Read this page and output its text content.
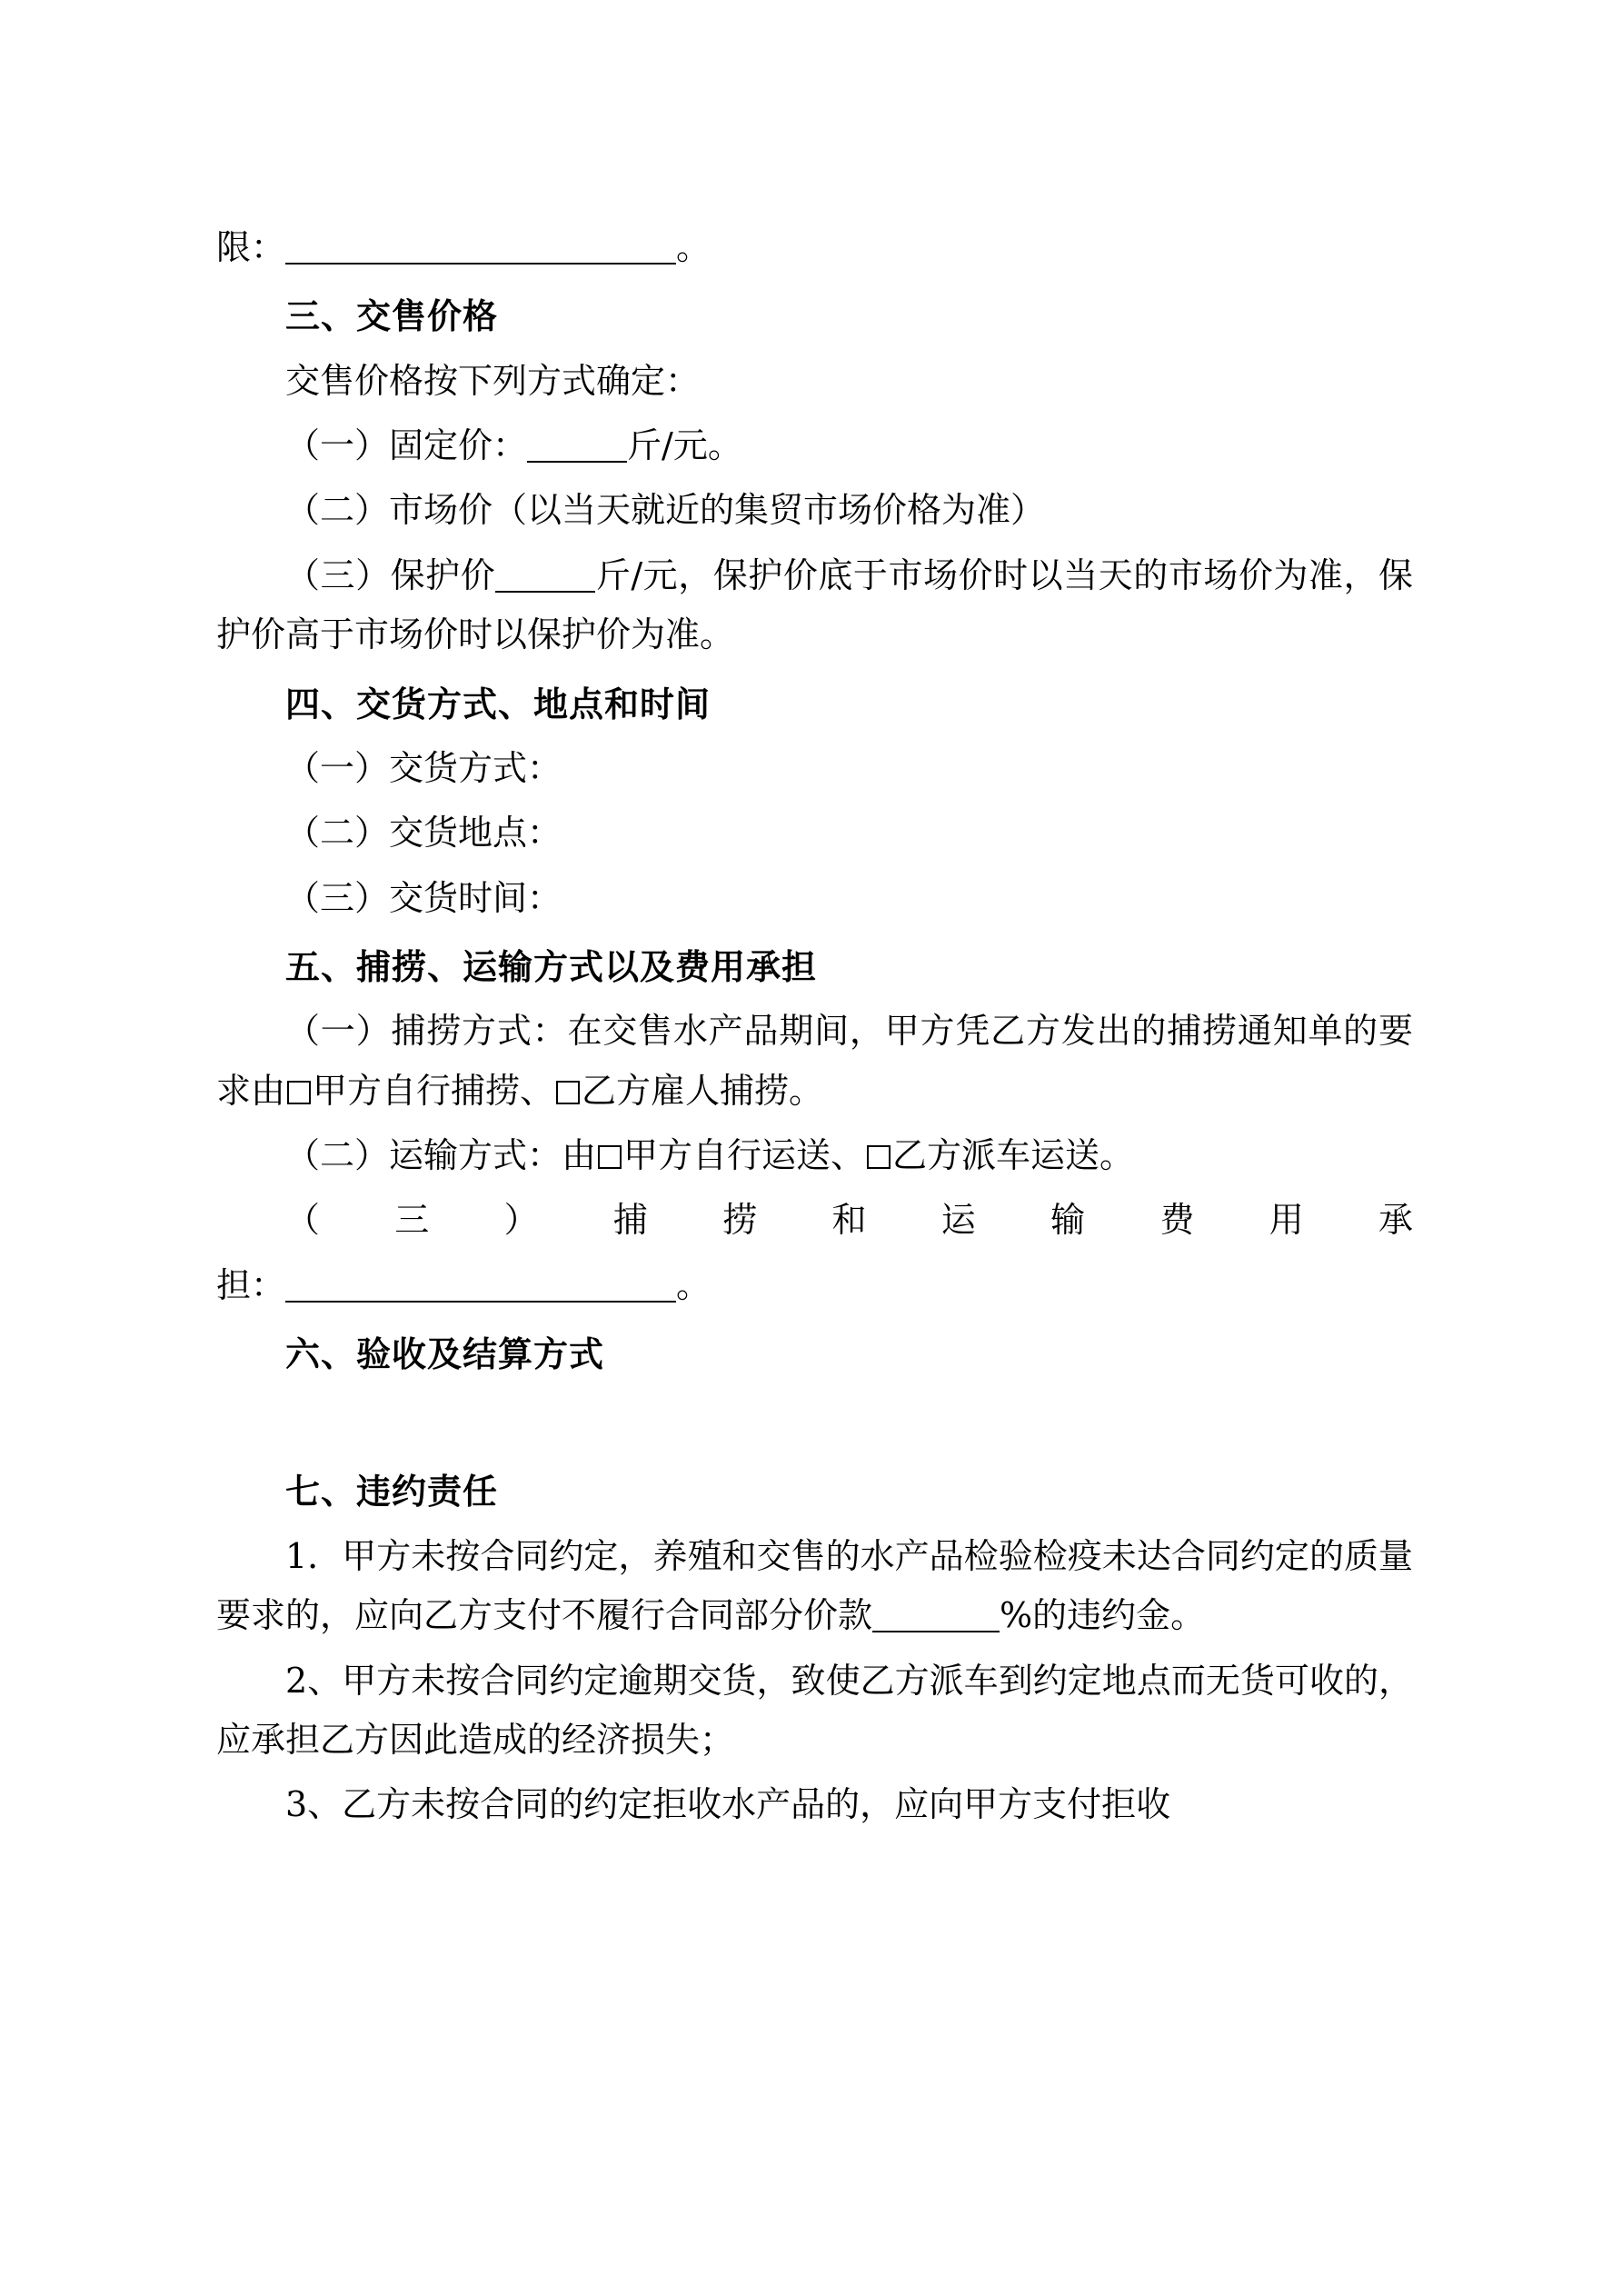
限：	。
三、交售价格
交售价格按下列方式确定：
（一）固定价：	斤/元。
（二）市场价（以当天就近的集贸市场价格为准）
（三）保护价	斤/元，保护价底于市场价时以当天的市场价为准，保护价高于市场价时以保护价为准。
四、交货方式、地点和时间
（一）交货方式：
（二）交货地点：
（三）交货时间：
五、捕捞、运输方式以及费用承担
（一）捕捞方式：在交售水产品期间，甲方凭乙方发出的捕捞通知单的要求由 甲方自行捕捞、 乙方雇人捕捞。
（二）运输方式：由 甲方自行运送、 乙方派车运送。
（ 三 ） 捕 捞 和 运 输 费 用 承
担：	。
六、验收及结算方式
七、违约责任
1．甲方未按合同约定，养殖和交售的水产品检验检疫未达合同约定的质量要求的，应向乙方支付不履行合同部分价款	%的违约金。
2、甲方未按合同约定逾期交货，致使乙方派车到约定地点而无货可收的，应承担乙方因此造成的经济损失；
3、乙方未按合同的约定拒收水产品的，应向甲方支付拒收
